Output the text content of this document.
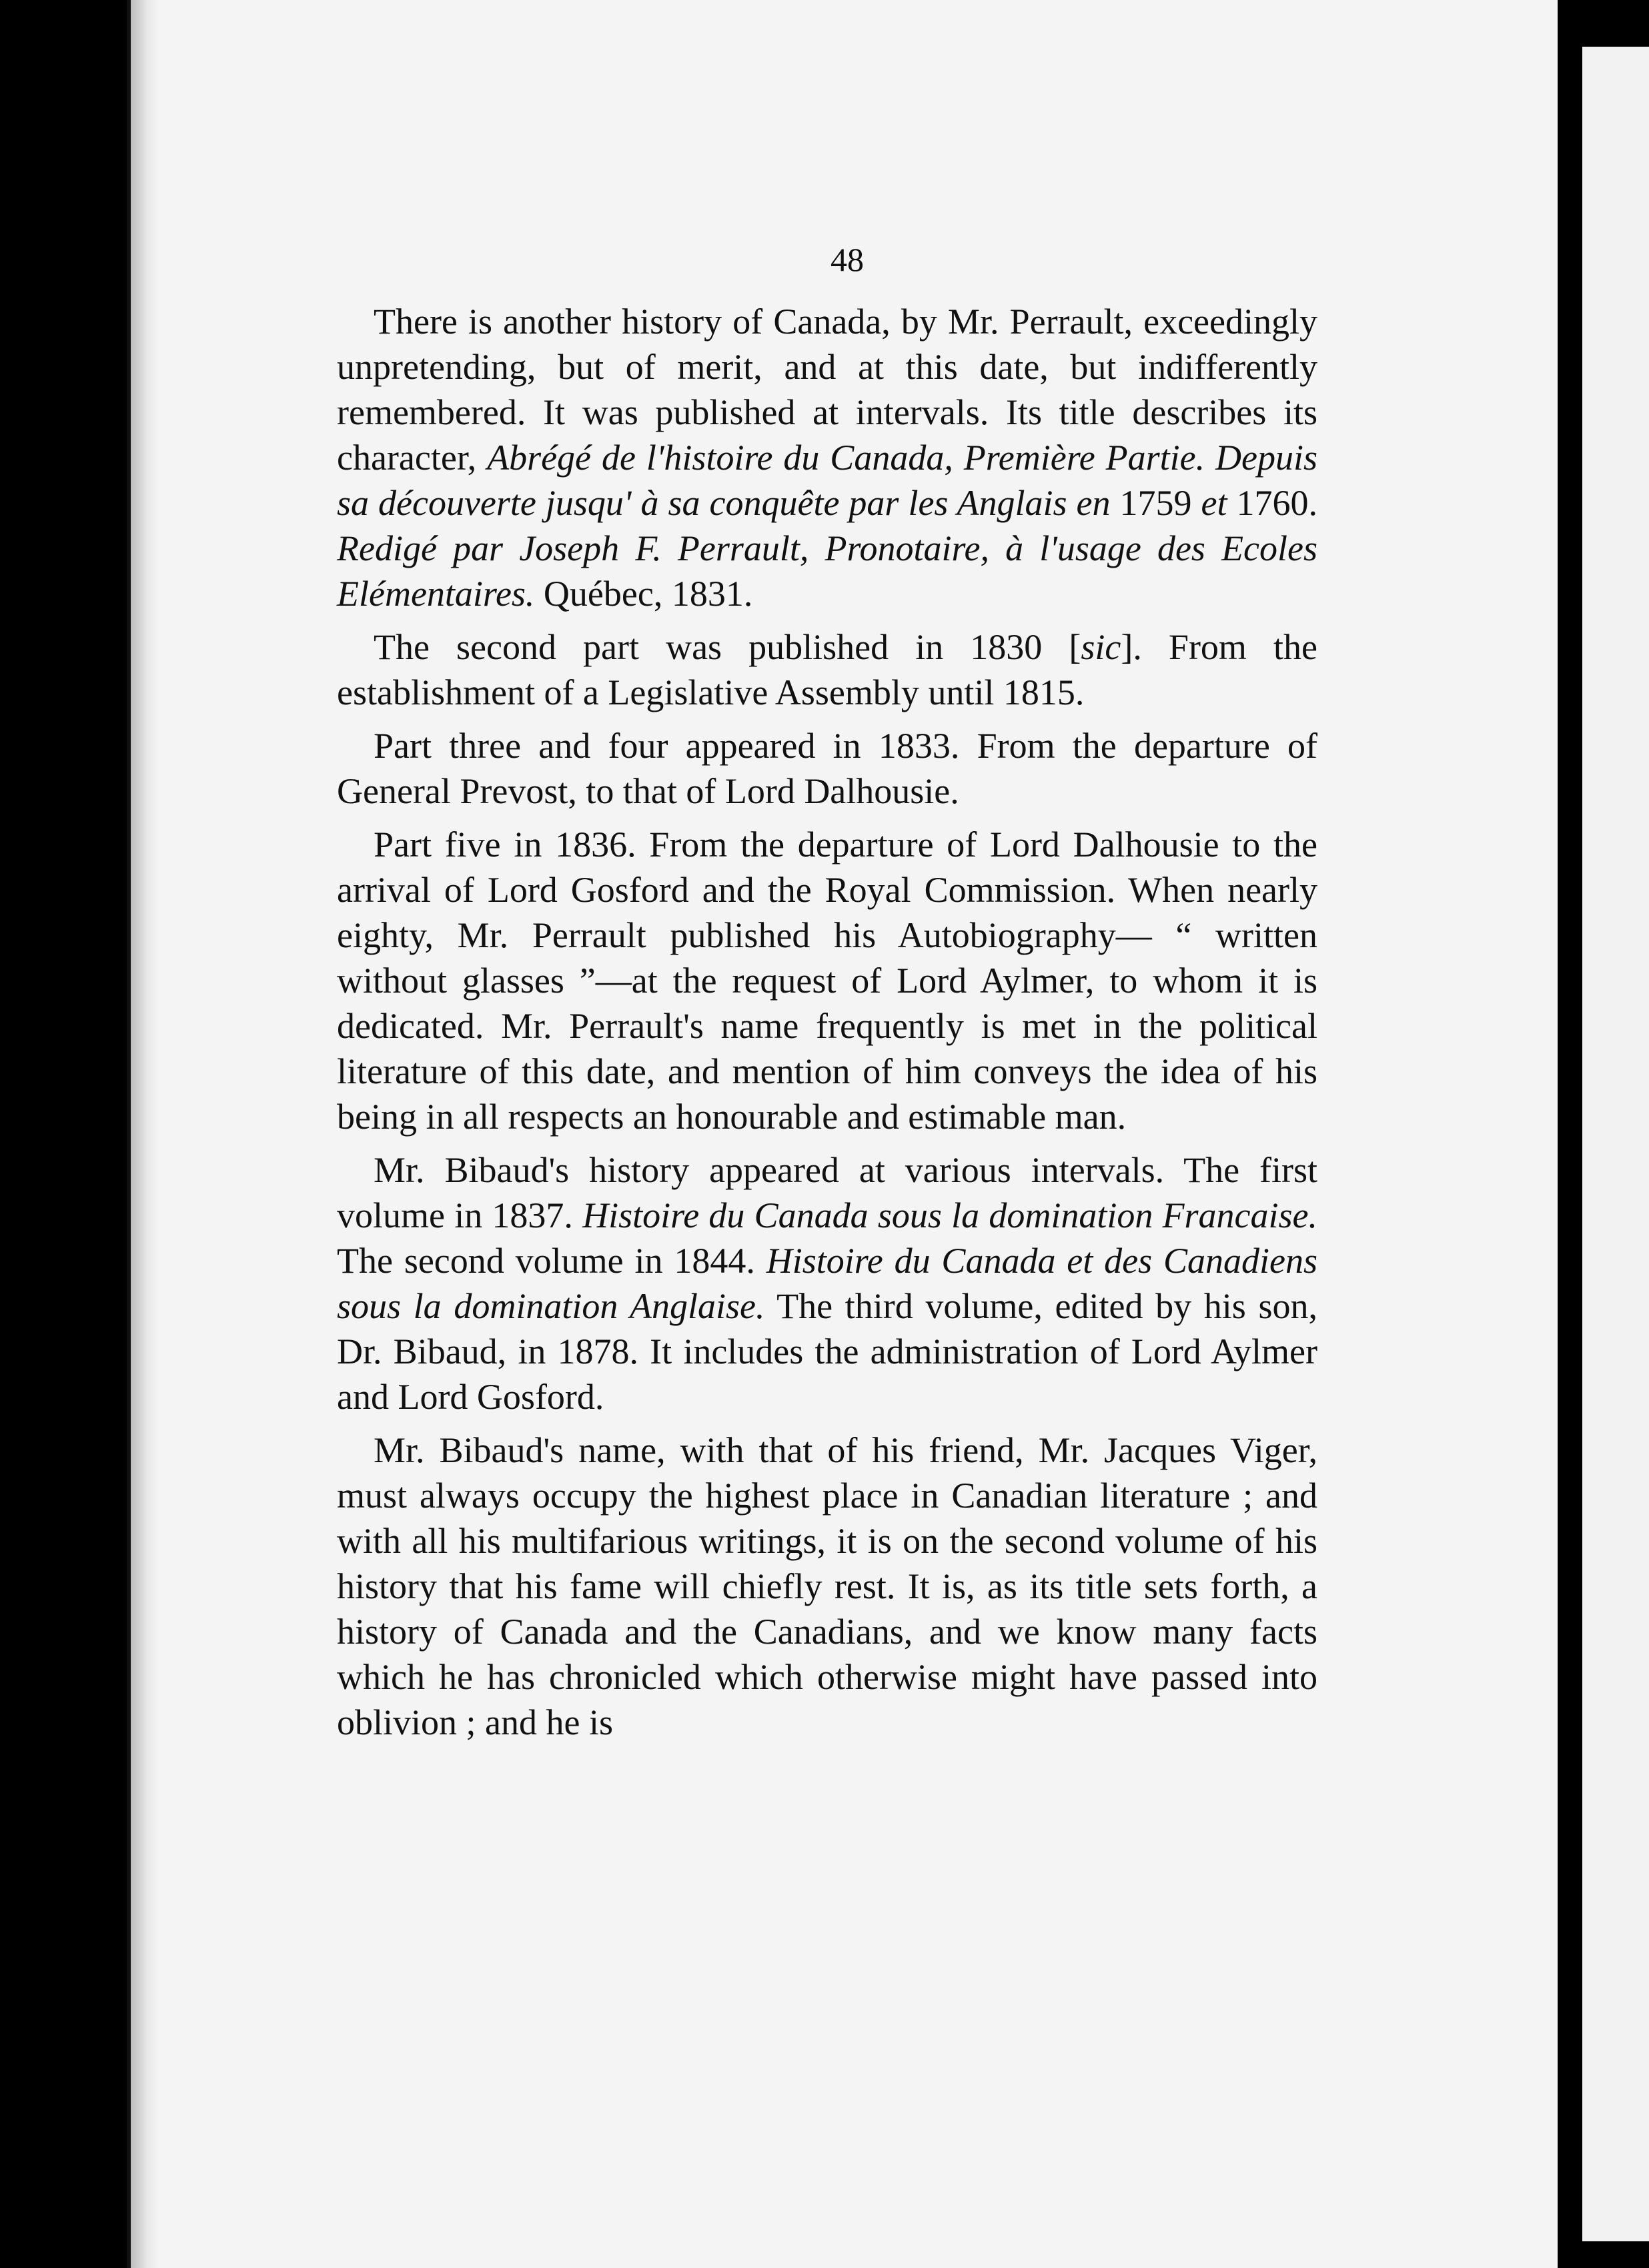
48

There is another history of Canada, by Mr. Perrault, exceedingly unpretending, but of merit, and at this date, but indifferently remembered. It was published at intervals. Its title describes its character, Abrégé de l'histoire du Canada, Première Partie. Depuis sa découverte jusqu' à sa conquête par les Anglais en 1759 et 1760. Redigé par Joseph F. Perrault, Pronotaire, à l'usage des Ecoles Elémentaires. Québec, 1831.

The second part was published in 1830 [sic]. From the establishment of a Legislative Assembly until 1815.

Part three and four appeared in 1833. From the departure of General Prevost, to that of Lord Dalhousie.

Part five in 1836. From the departure of Lord Dalhousie to the arrival of Lord Gosford and the Royal Commission. When nearly eighty, Mr. Perrault published his Autobiography— “ written without glasses ”—at the request of Lord Aylmer, to whom it is dedicated. Mr. Perrault's name frequently is met in the political literature of this date, and mention of him conveys the idea of his being in all respects an honourable and estimable man.

Mr. Bibaud's history appeared at various intervals. The first volume in 1837. Histoire du Canada sous la domination Francaise. The second volume in 1844. Histoire du Canada et des Canadiens sous la domination Anglaise. The third volume, edited by his son, Dr. Bibaud, in 1878. It includes the administration of Lord Aylmer and Lord Gosford.

Mr. Bibaud's name, with that of his friend, Mr. Jacques Viger, must always occupy the highest place in Canadian literature ; and with all his multifarious writings, it is on the second volume of his history that his fame will chiefly rest. It is, as its title sets forth, a history of Canada and the Canadians, and we know many facts which he has chronicled which otherwise might have passed into oblivion ; and he is
